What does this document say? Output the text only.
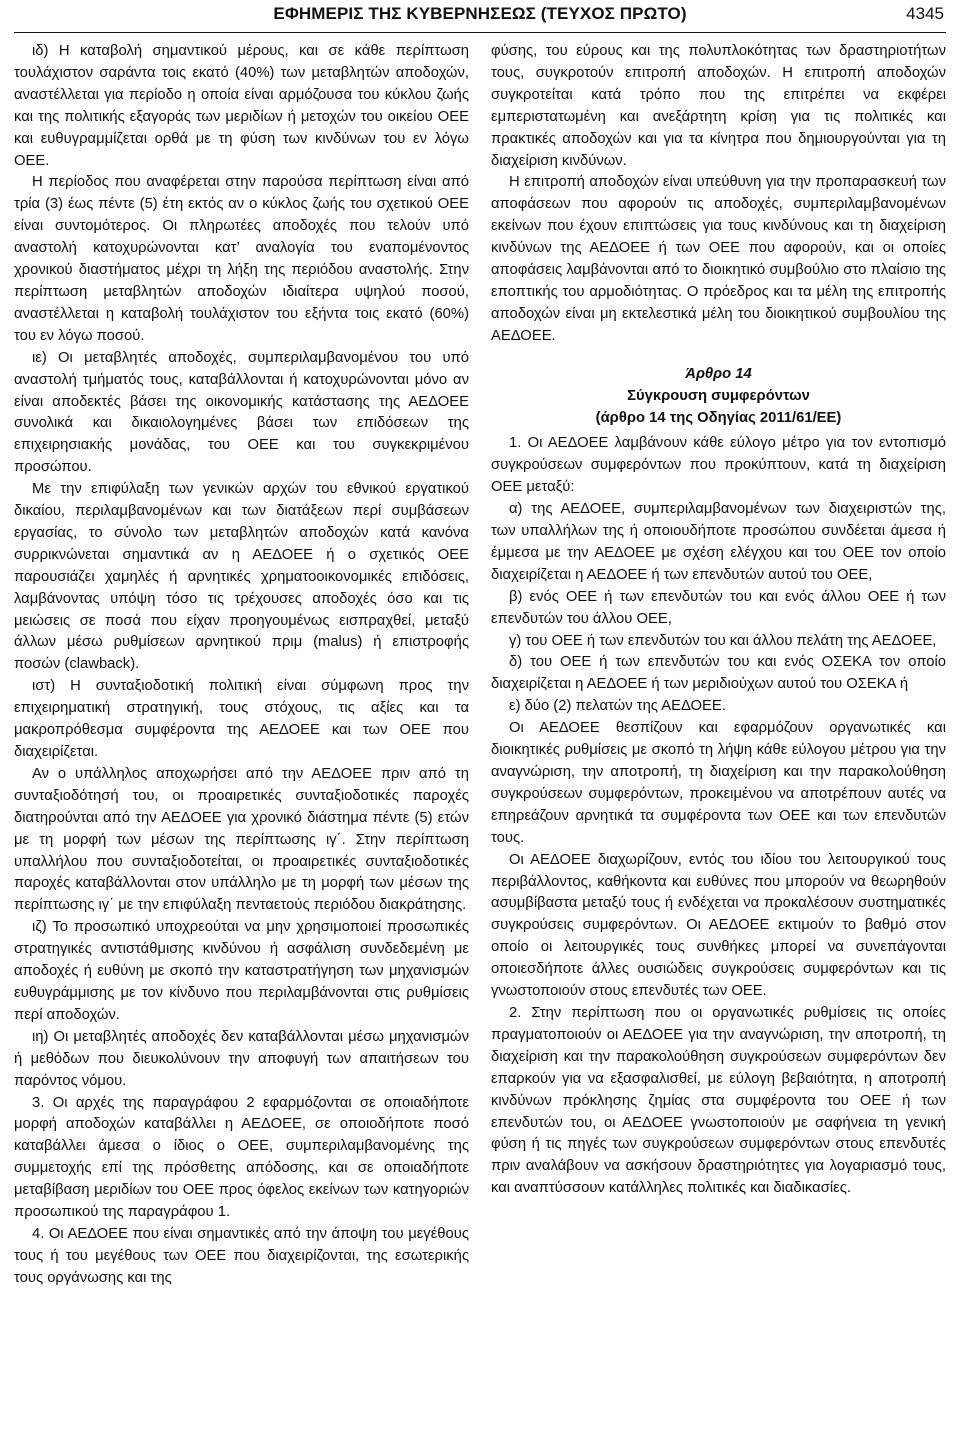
ΕΦΗΜΕΡΙΣ ΤΗΣ ΚΥΒΕΡΝΗΣΕΩΣ (ΤΕΥΧΟΣ ΠΡΩΤΟ)	4345

ιδ) Η καταβολή σημαντικού μέρους, και σε κάθε περίπτωση τουλάχιστον σαράντα τοις εκατό (40%) των μεταβλητών αποδοχών, αναστέλλεται για περίοδο η οποία είναι αρμόζουσα του κύκλου ζωής και της πολιτικής εξαγοράς των μεριδίων ή μετοχών του οικείου ΟΕΕ και ευθυγραμμίζεται ορθά με τη φύση των κινδύνων του εν λόγω ΟΕΕ.

Η περίοδος που αναφέρεται στην παρούσα περίπτωση είναι από τρία (3) έως πέντε (5) έτη εκτός αν ο κύκλος ζωής του σχετικού ΟΕΕ είναι συντομότερος. Οι πληρωτέες αποδοχές που τελούν υπό αναστολή κατοχυρώνονται κατ’ αναλογία του εναπομένοντος χρονικού διαστήματος μέχρι τη λήξη της περιόδου αναστολής. Στην περίπτωση μεταβλητών αποδοχών ιδιαίτερα υψηλού ποσού, αναστέλλεται η καταβολή τουλάχιστον του εξήντα τοις εκατό (60%) του εν λόγω ποσού.

ιε) Οι μεταβλητές αποδοχές, συμπεριλαμβανομένου του υπό αναστολή τμήματός τους, καταβάλλονται ή κατοχυρώνονται μόνο αν είναι αποδεκτές βάσει της οικονομικής κατάστασης της ΑΕΔΟΕΕ συνολικά και δικαιολογημένες βάσει των επιδόσεων της επιχειρησιακής μονάδας, του ΟΕΕ και του συγκεκριμένου προσώπου.

Με την επιφύλαξη των γενικών αρχών του εθνικού εργατικού δικαίου, περιλαμβανομένων και των διατάξεων περί συμβάσεων εργασίας, το σύνολο των μεταβλητών αποδοχών κατά κανόνα συρρικνώνεται σημαντικά αν η ΑΕΔΟΕΕ ή ο σχετικός ΟΕΕ παρουσιάζει χαμηλές ή αρνητικές χρηματοοικονομικές επιδόσεις, λαμβάνοντας υπόψη τόσο τις τρέχουσες αποδοχές όσο και τις μειώσεις σε ποσά που είχαν προηγουμένως εισπραχθεί, μεταξύ άλλων μέσω ρυθμίσεων αρνητικού πριμ (malus) ή επιστροφής ποσών (clawback).

ιστ) Η συνταξιοδοτική πολιτική είναι σύμφωνη προς την επιχειρηματική στρατηγική, τους στόχους, τις αξίες και τα μακροπρόθεσμα συμφέροντα της ΑΕΔΟΕΕ και των ΟΕΕ που διαχειρίζεται.

Αν ο υπάλληλος αποχωρήσει από την ΑΕΔΟΕΕ πριν από τη συνταξιοδότησή του, οι προαιρετικές συνταξιοδοτικές παροχές διατηρούνται από την ΑΕΔΟΕΕ για χρονικό διάστημα πέντε (5) ετών με τη μορφή των μέσων της περίπτωσης ιγ΄. Στην περίπτωση υπαλλήλου που συνταξιοδοτείται, οι προαιρετικές συνταξιοδοτικές παροχές καταβάλλονται στον υπάλληλο με τη μορφή των μέσων της περίπτωσης ιγ΄ με την επιφύλαξη πενταετούς περιόδου διακράτησης.

ιζ) Το προσωπικό υποχρεούται να μην χρησιμοποιεί προσωπικές στρατηγικές αντιστάθμισης κινδύνου ή ασφάλιση συνδεδεμένη με αποδοχές ή ευθύνη με σκοπό την καταστρατήγηση των μηχανισμών ευθυγράμμισης με τον κίνδυνο που περιλαμβάνονται στις ρυθμίσεις περί αποδοχών.

ιη) Οι μεταβλητές αποδοχές δεν καταβάλλονται μέσω μηχανισμών ή μεθόδων που διευκολύνουν την αποφυγή των απαιτήσεων του παρόντος νόμου.

3. Οι αρχές της παραγράφου 2 εφαρμόζονται σε οποιαδήποτε μορφή αποδοχών καταβάλλει η ΑΕΔΟΕΕ, σε οποιοδήποτε ποσό καταβάλλει άμεσα ο ίδιος ο ΟΕΕ, συμπεριλαμβανομένης της συμμετοχής επί της πρόσθετης απόδοσης, και σε οποιαδήποτε μεταβίβαση μεριδίων του ΟΕΕ προς όφελος εκείνων των κατηγοριών προσωπικού της παραγράφου 1.

4. Οι ΑΕΔΟΕΕ που είναι σημαντικές από την άποψη του μεγέθους τους ή του μεγέθους των ΟΕΕ που διαχειρίζονται, της εσωτερικής τους οργάνωσης και της

φύσης, του εύρους και της πολυπλοκότητας των δραστηριοτήτων τους, συγκροτούν επιτροπή αποδοχών. Η επιτροπή αποδοχών συγκροτείται κατά τρόπο που της επιτρέπει να εκφέρει εμπεριστατωμένη και ανεξάρτητη κρίση για τις πολιτικές και πρακτικές αποδοχών και για τα κίνητρα που δημιουργούνται για τη διαχείριση κινδύνων.

Η επιτροπή αποδοχών είναι υπεύθυνη για την προπαρασκευή των αποφάσεων που αφορούν τις αποδοχές, συμπεριλαμβανομένων εκείνων που έχουν επιπτώσεις για τους κινδύνους και τη διαχείριση κινδύνων της ΑΕΔΟΕΕ ή των ΟΕΕ που αφορούν, και οι οποίες αποφάσεις λαμβάνονται από το διοικητικό συμβούλιο στο πλαίσιο της εποπτικής του αρμοδιότητας. Ο πρόεδρος και τα μέλη της επιτροπής αποδοχών είναι μη εκτελεστικά μέλη του διοικητικού συμβουλίου της ΑΕΔΟΕΕ.

Άρθρο 14
Σύγκρουση συμφερόντων
(άρθρο 14 της Οδηγίας 2011/61/ΕΕ)

1. Οι ΑΕΔΟΕΕ λαμβάνουν κάθε εύλογο μέτρο για τον εντοπισμό συγκρούσεων συμφερόντων που προκύπτουν, κατά τη διαχείριση ΟΕΕ μεταξύ:

α) της ΑΕΔΟΕΕ, συμπεριλαμβανομένων των διαχειριστών της, των υπαλλήλων της ή οποιουδήποτε προσώπου συνδέεται άμεσα ή έμμεσα με την ΑΕΔΟΕΕ με σχέση ελέγχου και του ΟΕΕ τον οποίο διαχειρίζεται η ΑΕΔΟΕΕ ή των επενδυτών αυτού του ΟΕΕ,

β) ενός ΟΕΕ ή των επενδυτών του και ενός άλλου ΟΕΕ ή των επενδυτών του άλλου ΟΕΕ,

γ) του ΟΕΕ ή των επενδυτών του και άλλου πελάτη της ΑΕΔΟΕΕ,

δ) του ΟΕΕ ή των επενδυτών του και ενός ΟΣΕΚΑ τον οποίο διαχειρίζεται η ΑΕΔΟΕΕ ή των μεριδιούχων αυτού του ΟΣΕΚΑ ή

ε) δύο (2) πελατών της ΑΕΔΟΕΕ.

Οι ΑΕΔΟΕΕ θεσπίζουν και εφαρμόζουν οργανωτικές και διοικητικές ρυθμίσεις με σκοπό τη λήψη κάθε εύλογου μέτρου για την αναγνώριση, την αποτροπή, τη διαχείριση και την παρακολούθηση συγκρούσεων συμφερόντων, προκειμένου να αποτρέπουν αυτές να επηρεάζουν αρνητικά τα συμφέροντα των ΟΕΕ και των επενδυτών τους.

Οι ΑΕΔΟΕΕ διαχωρίζουν, εντός του ιδίου του λειτουργικού τους περιβάλλοντος, καθήκοντα και ευθύνες που μπορούν να θεωρηθούν ασυμβίβαστα μεταξύ τους ή ενδέχεται να προκαλέσουν συστηματικές συγκρούσεις συμφερόντων. Οι ΑΕΔΟΕΕ εκτιμούν το βαθμό στον οποίο οι λειτουργικές τους συνθήκες μπορεί να συνεπάγονται οποιεσδήποτε άλλες ουσιώδεις συγκρούσεις συμφερόντων και τις γνωστοποιούν στους επενδυτές των ΟΕΕ.

2. Στην περίπτωση που οι οργανωτικές ρυθμίσεις τις οποίες πραγματοποιούν οι ΑΕΔΟΕΕ για την αναγνώριση, την αποτροπή, τη διαχείριση και την παρακολούθηση συγκρούσεων συμφερόντων δεν επαρκούν για να εξασφαλισθεί, με εύλογη βεβαιότητα, η αποτροπή κινδύνων πρόκλησης ζημίας στα συμφέροντα του ΟΕΕ ή των επενδυτών του, οι ΑΕΔΟΕΕ γνωστοποιούν με σαφήνεια τη γενική φύση ή τις πηγές των συγκρούσεων συμφερόντων στους επενδυτές πριν αναλάβουν να ασκήσουν δραστηριότητες για λογαριασμό τους, και αναπτύσσουν κατάλληλες πολιτικές και διαδικασίες.
